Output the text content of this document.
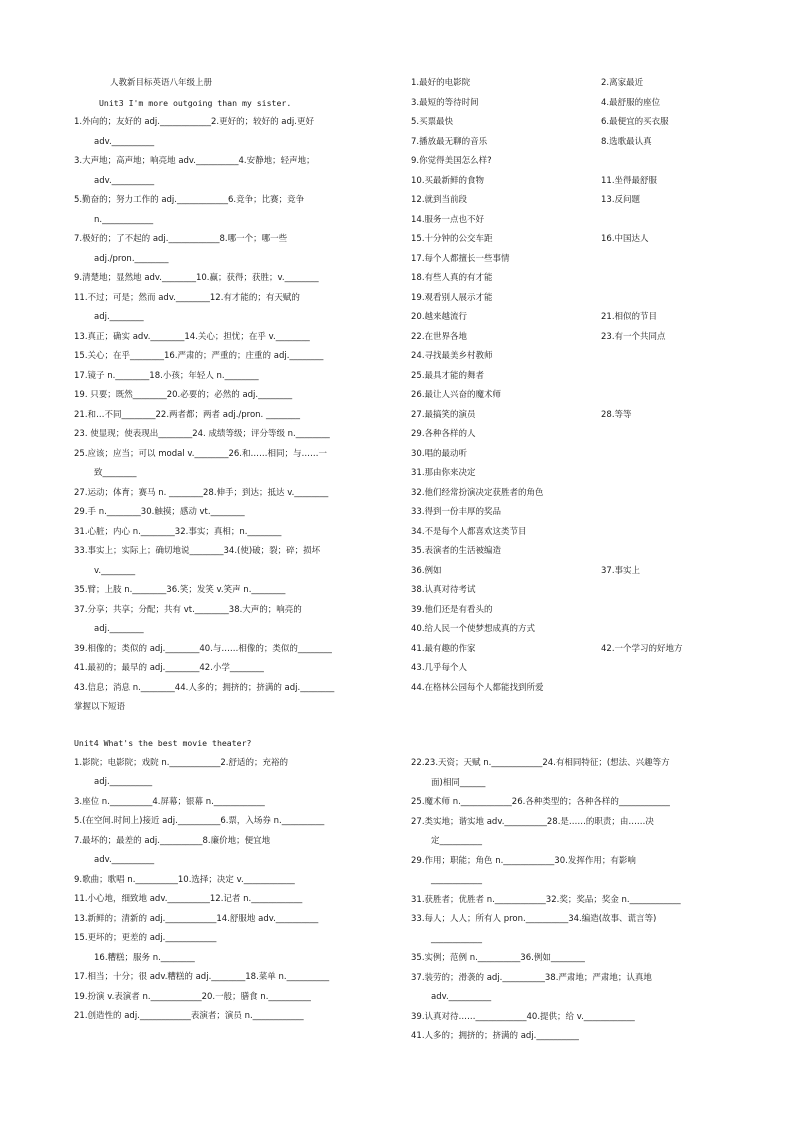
人教新目标英语八年级上册
Unit3 I'm more outgoing than my sister.
1.外向的；友好的 adj.____________2.更好的；较好的 adj.更好
adv.__________
3.大声地；高声地；响亮地 adv.__________4.安静地；轻声地；
adv.__________
5.勤奋的；努力工作的 adj.____________6.竞争；比赛；竞争
n.____________
7.极好的；了不起的 adj.____________8.哪一个；哪一些
adj./pron.________
9.清楚地；显然地 adv.________10.赢；获得；获胜；v.________
11.不过；可是；然而 adv.________12.有才能的；有天赋的
adj.________
13.真正；确实 adv.________14.关心；担忧；在乎 v.________
15.关心；在乎________16.严肃的；严重的；庄重的 adj.________
17.镜子 n.________18.小孩；年轻人 n.________
19. 只要；既然________20.必要的；必然的 adj.________
21.和…不同________22.两者都；两者 adj./pron. ________
23. 使显现；使表现出________24. 成绩等级；评分等级 n.________
25.应该；应当；可以 modal v.________26.和……相同；与……一
致________
27.运动；体育；赛马 n. ________28.伸手；到达；抵达 v.________
29.手 n.________30.触摸；感动 vt.________
31.心脏；内心 n.________32.事实；真相；n.________
33.事实上；实际上；确切地说________34.(使)破；裂；碎；损坏
v.________
35.臂；上肢 n.________36.笑；发笑 v.笑声 n.________
37.分享；共享；分配；共有 vt.________38.大声的；响亮的
adj.________
39.相像的；类似的 adj.________40.与……相像的；类似的________
41.最初的；最早的 adj.________42.小学________
43.信息；消息 n.________44.人多的；拥挤的；挤满的 adj.________
掌握以下短语
1.最好的电影院	2.离家最近
3.最短的等待时间	4.最舒服的座位
5.买票最快	6.最便宜的买衣服
7.播放最无聊的音乐	8.选歌最认真
9.你觉得美国怎么样?
10.买最新鲜的食物	11.坐得最舒服
12.就到当前段	13.反问题
14.服务一点也不好
15.十分钟的公交车距	16.中国达人
17.每个人都擅长一些事情
18.有些人真的有才能
19.观看别人展示才能
20.越来越流行	21.相似的节目
22.在世界各地	23.有一个共同点
24.寻找最美乡村教师
25.最具才能的舞者
26.最让人兴奋的魔术师
27.最搞笑的演员	28.等等
29.各种各样的人
30.唱的最动听
31.那由你来决定
32.他们经常扮演决定获胜者的角色
33.得到一份丰厚的奖品
34.不是每个人都喜欢这类节目
35.表演者的生活被编造
36.例如	37.事实上
38.认真对待考试
39.他们还是有看头的
40.给人民一个使梦想成真的方式
41.最有趣的作家	42.一个学习的好地方
43.几乎每个人
44.在格林公园每个人都能找到所爱
Unit4 What's the best movie theater?
1.影院；电影院；戏院 n.____________2.舒适的；充裕的
adj.__________
3.座位 n.__________4.屏幕；银幕 n.____________
5.(在空间.时间上)接近 adj.__________6.票，入场券 n.__________
7.最坏的；最差的 adj.__________8.廉价地；便宜地
adv.__________
9.歌曲；歌唱 n.__________10.选择；决定 v.____________
11.小心地，细致地 adv.__________12.记者 n.____________
13.新鲜的；清新的 adj.____________14.舒服地 adv.__________
15.更坏的；更差的 adj.____________
16.糟糕；服务 n.________
17.相当；十分；很 adv.糟糕的 adj.________18.菜单 n.__________
19.扮演 v.表演者 n.____________20.一般；膳食 n.__________
21.创造性的 adj.____________表演者；演员 n.____________
22.23.天资；天赋 n.____________24.有相同特征；(想法、兴趣等方
面)相同______
25.魔术师 n.____________26.各种类型的；各种各样的____________
27.类实地；谐实地 adv.__________28.是……的职责；由……决
定__________
29.作用；职能；角色 n.____________30.发挥作用；有影响
____________
31.获胜者；优胜者 n.____________32.奖；奖品；奖金 n.____________
33.每人；人人；所有人 pron.__________34.编造(故事、谎言等)
____________
35.实例；范例 n.__________36.例如________
37.装劳的；滑袭的 adj.__________38.严肃地；严肃地；认真地
adv.__________
39.认真对待……____________40.提供；给 v.____________
41.人多的；拥挤的；挤满的 adj.__________
